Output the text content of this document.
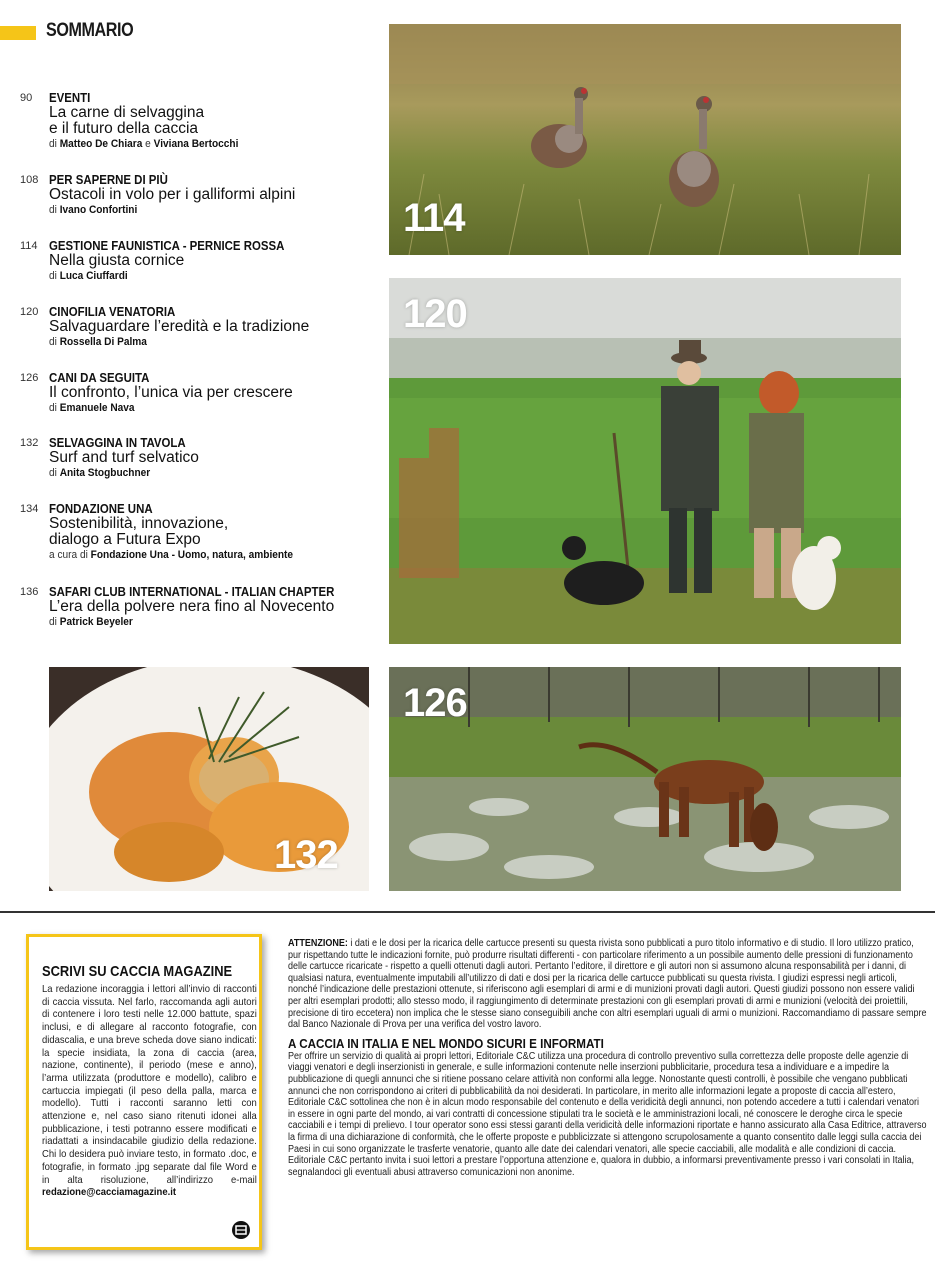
SOMMARIO
90 EVENTI
La carne di selvaggina
e il futuro della caccia
di Matteo De Chiara e Viviana Bertocchi
108 PER SAPERNE DI PIÙ
Ostacoli in volo per i galliformi alpini
di Ivano Confortini
114 GESTIONE FAUNISTICA - PERNICE ROSSA
Nella giusta cornice
di Luca Ciuffardi
120 CINOFILIA VENATORIA
Salvaguardare l’eredità e la tradizione
di Rossella Di Palma
126 CANI DA SEGUITA
Il confronto, l’unica via per crescere
di Emanuele Nava
132 SELVAGGINA IN TAVOLA
Surf and turf selvatico
di Anita Stogbuchner
134 FONDAZIONE UNA
Sostenibilità, innovazione,
dialogo a Futura Expo
a cura di Fondazione Una - Uomo, natura, ambiente
136 SAFARI CLUB INTERNATIONAL - ITALIAN CHAPTER
L’era della polvere nera fino al Novecento
di Patrick Beyeler
114
120
132
126
SCRIVI SU CACCIA MAGAZINE
La redazione incoraggia i lettori all’invio di racconti di caccia vissuta. Nel farlo, raccomanda agli autori di contenere i loro testi nelle 12.000 battute, spazi inclusi, e di allegare al racconto fotografie, con didascalia, e una breve scheda dove siano indicati: la specie insidiata, la zona di caccia (area, nazione, continente), il periodo (mese e anno), l’arma utilizzata (produttore e modello), calibro e cartuccia impiegati (il peso della palla, marca e modello). Tutti i racconti saranno letti con attenzione e, nel caso siano ritenuti idonei alla pubblicazione, i testi potranno essere modificati e riadattati a insindacabile giudizio della redazione. Chi lo desidera può inviare testo, in formato .doc, e fotografie, in formato .jpg separate dal file Word e in alta risoluzione, all’indirizzo e-mail redazione@cacciamagazine.it
ATTENZIONE: i dati e le dosi per la ricarica delle cartucce presenti su questa rivista sono pubblicati a puro titolo informativo e di studio. Il loro utilizzo pratico, pur rispettando tutte le indicazioni fornite, può produrre risultati differenti - con particolare riferimento a un possibile aumento delle pressioni di funzionamento delle cartucce ricaricate - rispetto a quelli ottenuti dagli autori. Pertanto l’editore, il direttore e gli autori non si assumono alcuna responsabilità per i danni, di qualsiasi natura, eventualmente imputabili all’utilizzo di dati e dosi per la ricarica delle cartucce pubblicati su questa rivista. I giudizi espressi negli articoli, nonché l’indicazione delle prestazioni ottenute, si riferiscono agli esemplari di armi e di munizioni provati dagli autori. Questi giudizi possono non essere validi per altri esemplari prodotti; allo stesso modo, il raggiungimento di determinate prestazioni con gli esemplari provati di armi e munizioni (velocità dei proiettili, precisione di tiro eccetera) non implica che le stesse siano conseguibili anche con altri esemplari uguali di armi o munizioni. Raccomandiamo di passare sempre dal Banco Nazionale di Prova per una verifica del vostro lavoro.
A CACCIA IN ITALIA E NEL MONDO SICURI E INFORMATI
Per offrire un servizio di qualità ai propri lettori, Editoriale C&C utilizza una procedura di controllo preventivo sulla correttezza delle proposte delle agenzie di viaggi venatori e degli inserzionisti in generale, e sulle informazioni contenute nelle inserzioni pubblicitarie, procedura tesa a individuare e a impedire la pubblicazione di quegli annunci che si ritiene possano celare attività non conformi alla legge. Nonostante questi controlli, è possibile che vengano pubblicati annunci che non corrispondono ai criteri di pubblicabilità da noi desiderati. In particolare, in merito alle informazioni legate a proposte di caccia all’estero, Editoriale C&C sottolinea che non è in alcun modo responsabile del contenuto e della veridicità degli annunci, non potendo accedere a tutti i calendari venatori in essere in ogni parte del mondo, ai vari contratti di concessione stipulati tra le società e le amministrazioni locali, né conoscere le deroghe circa le specie cacciabili e i tempi di prelievo. I tour operator sono essi stessi garanti della veridicità delle informazioni riportate e hanno assicurato alla Casa Editrice, attraverso la firma di una dichiarazione di conformità, che le offerte proposte e pubblicizzate si attengono scrupolosamente a quanto consentito dalle leggi sulla caccia dei Paesi in cui sono organizzate le trasferte venatorie, quanto alle date dei calendari venatori, alle specie cacciabili, alle modalità e alle condizioni di caccia. Editoriale C&C pertanto invita i suoi lettori a prestare l’opportuna attenzione e, qualora in dubbio, a informarsi preventivamente presso i vari consolati in Italia, segnalandoci gli eventuali abusi attraverso comunicazioni non anonime.
